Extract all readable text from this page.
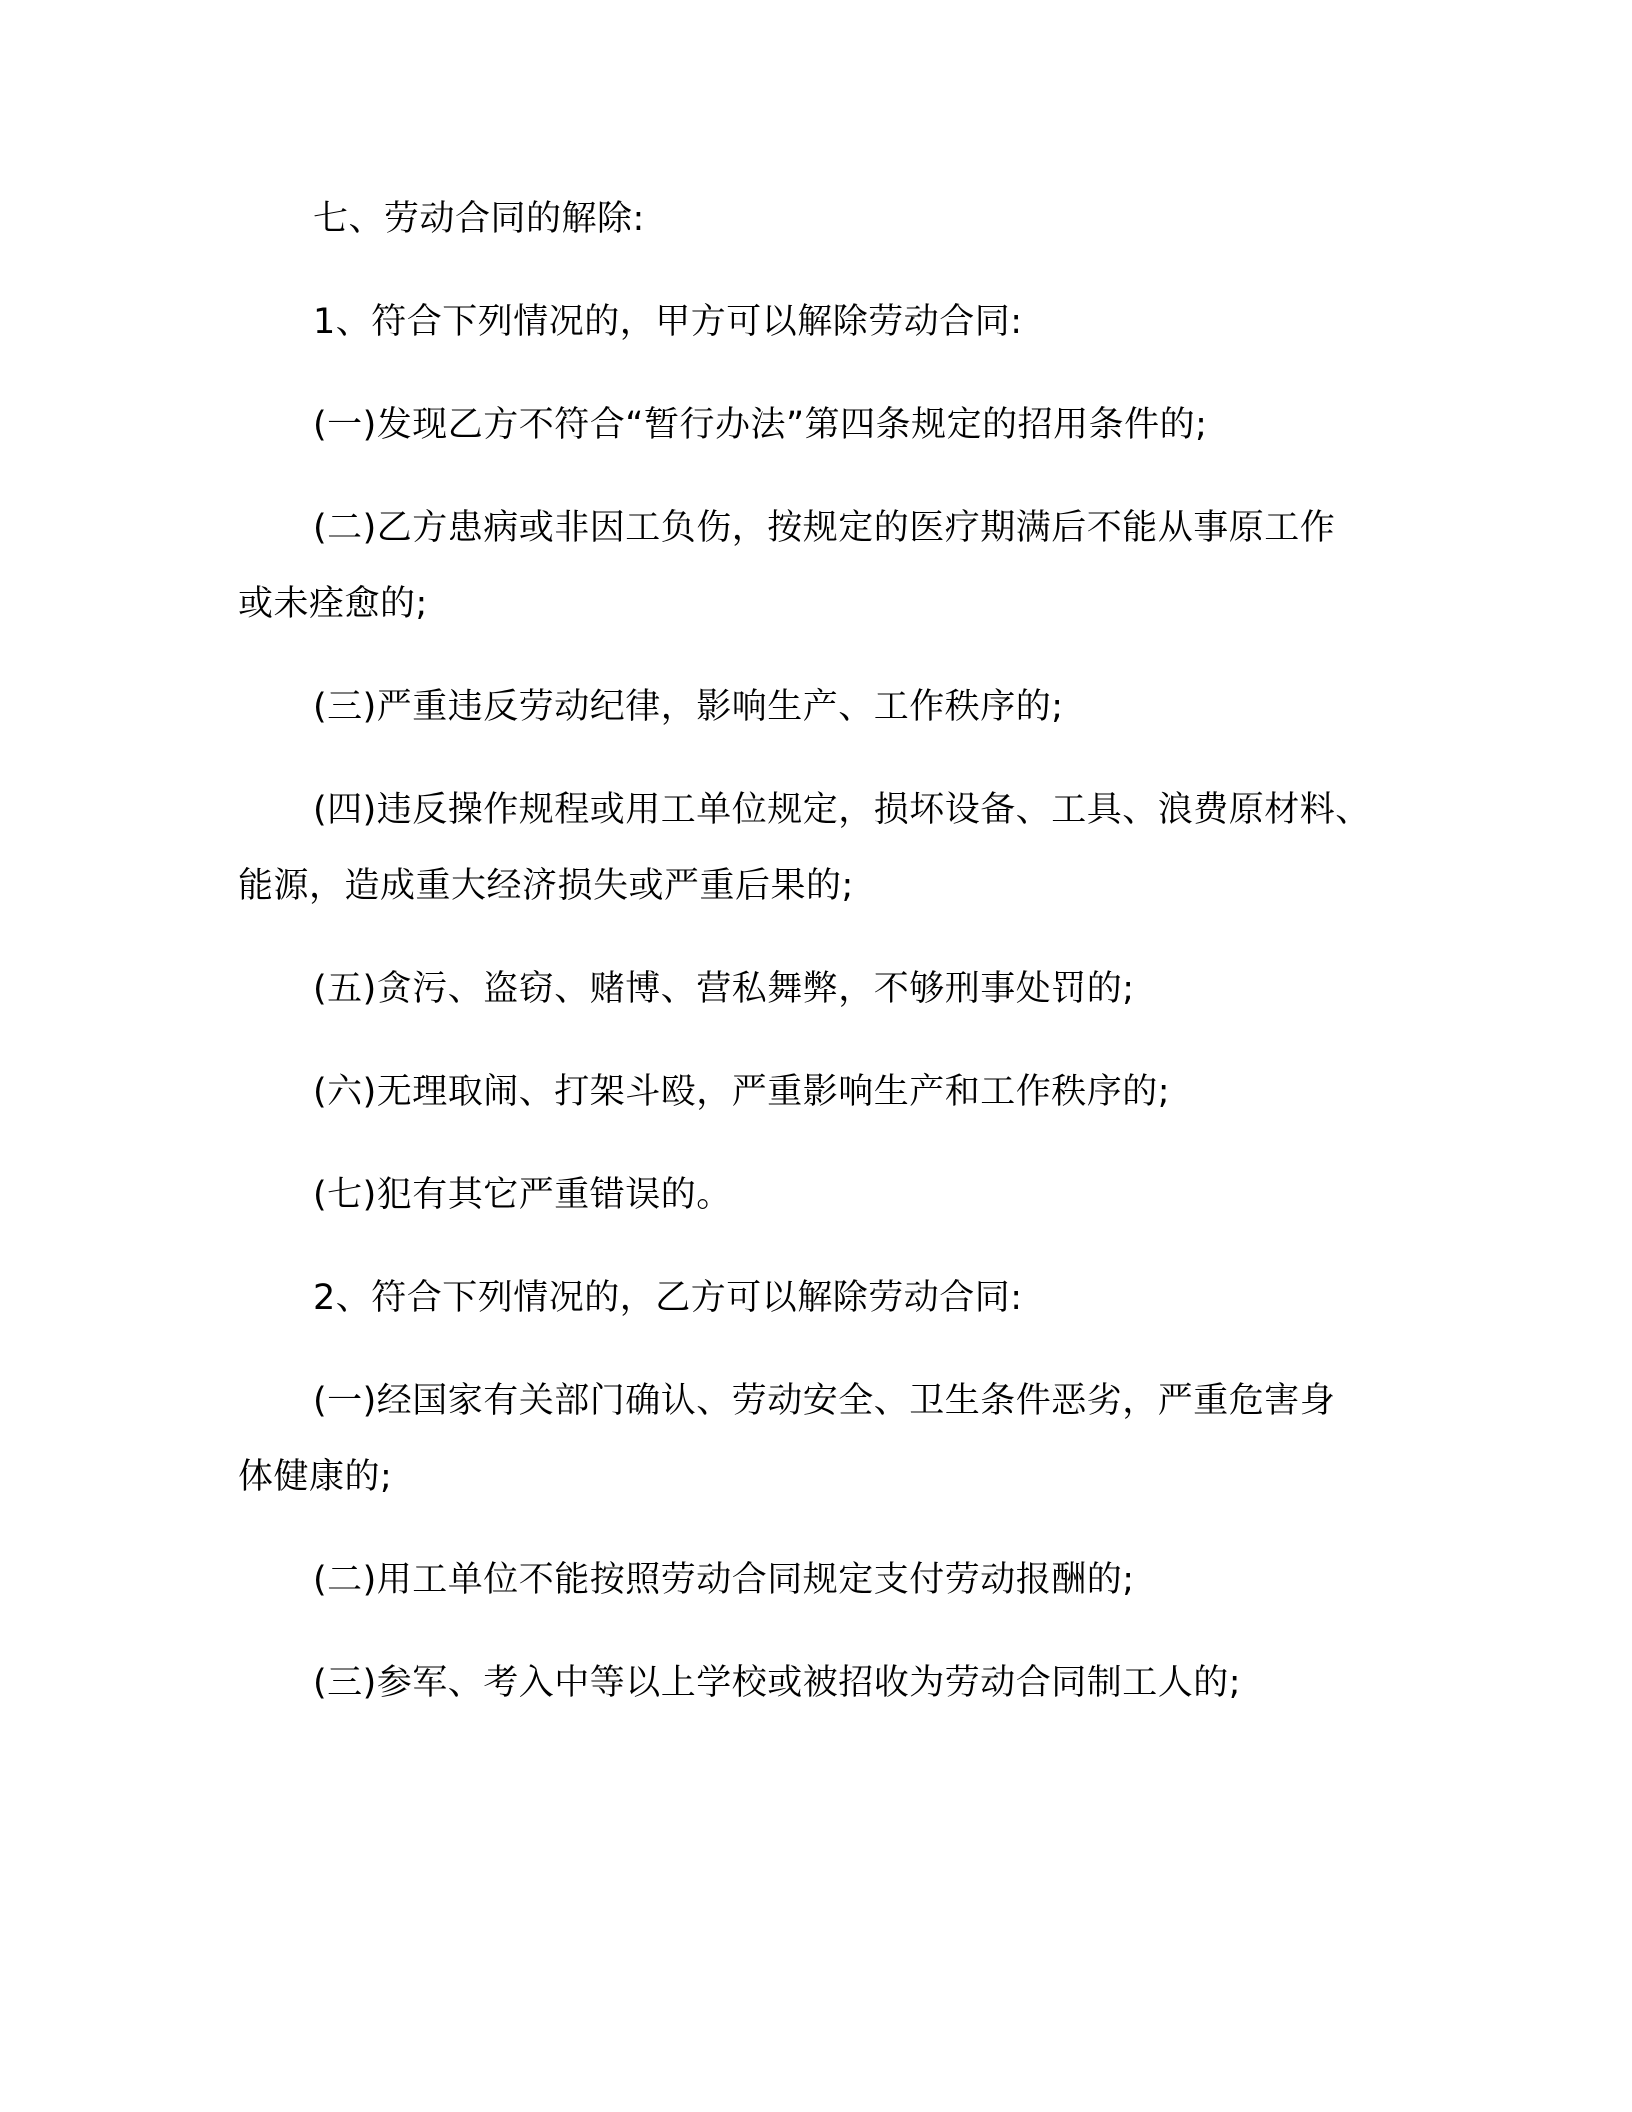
七、劳动合同的解除:

1、符合下列情况的，甲方可以解除劳动合同:

(一)发现乙方不符合“暂行办法”第四条规定的招用条件的;

(二)乙方患病或非因工负伤，按规定的医疗期满后不能从事原工作

或未痊愈的;

(三)严重违反劳动纪律，影响生产、工作秩序的;

(四)违反操作规程或用工单位规定，损坏设备、工具、浪费原材料、

能源，造成重大经济损失或严重后果的;

(五)贪污、盗窃、赌博、营私舞弊，不够刑事处罚的;

(六)无理取闹、打架斗殴，严重影响生产和工作秩序的;

(七)犯有其它严重错误的。

2、符合下列情况的，乙方可以解除劳动合同:

(一)经国家有关部门确认、劳动安全、卫生条件恶劣，严重危害身

体健康的;

(二)用工单位不能按照劳动合同规定支付劳动报酬的;

(三)参军、考入中等以上学校或被招收为劳动合同制工人的;
